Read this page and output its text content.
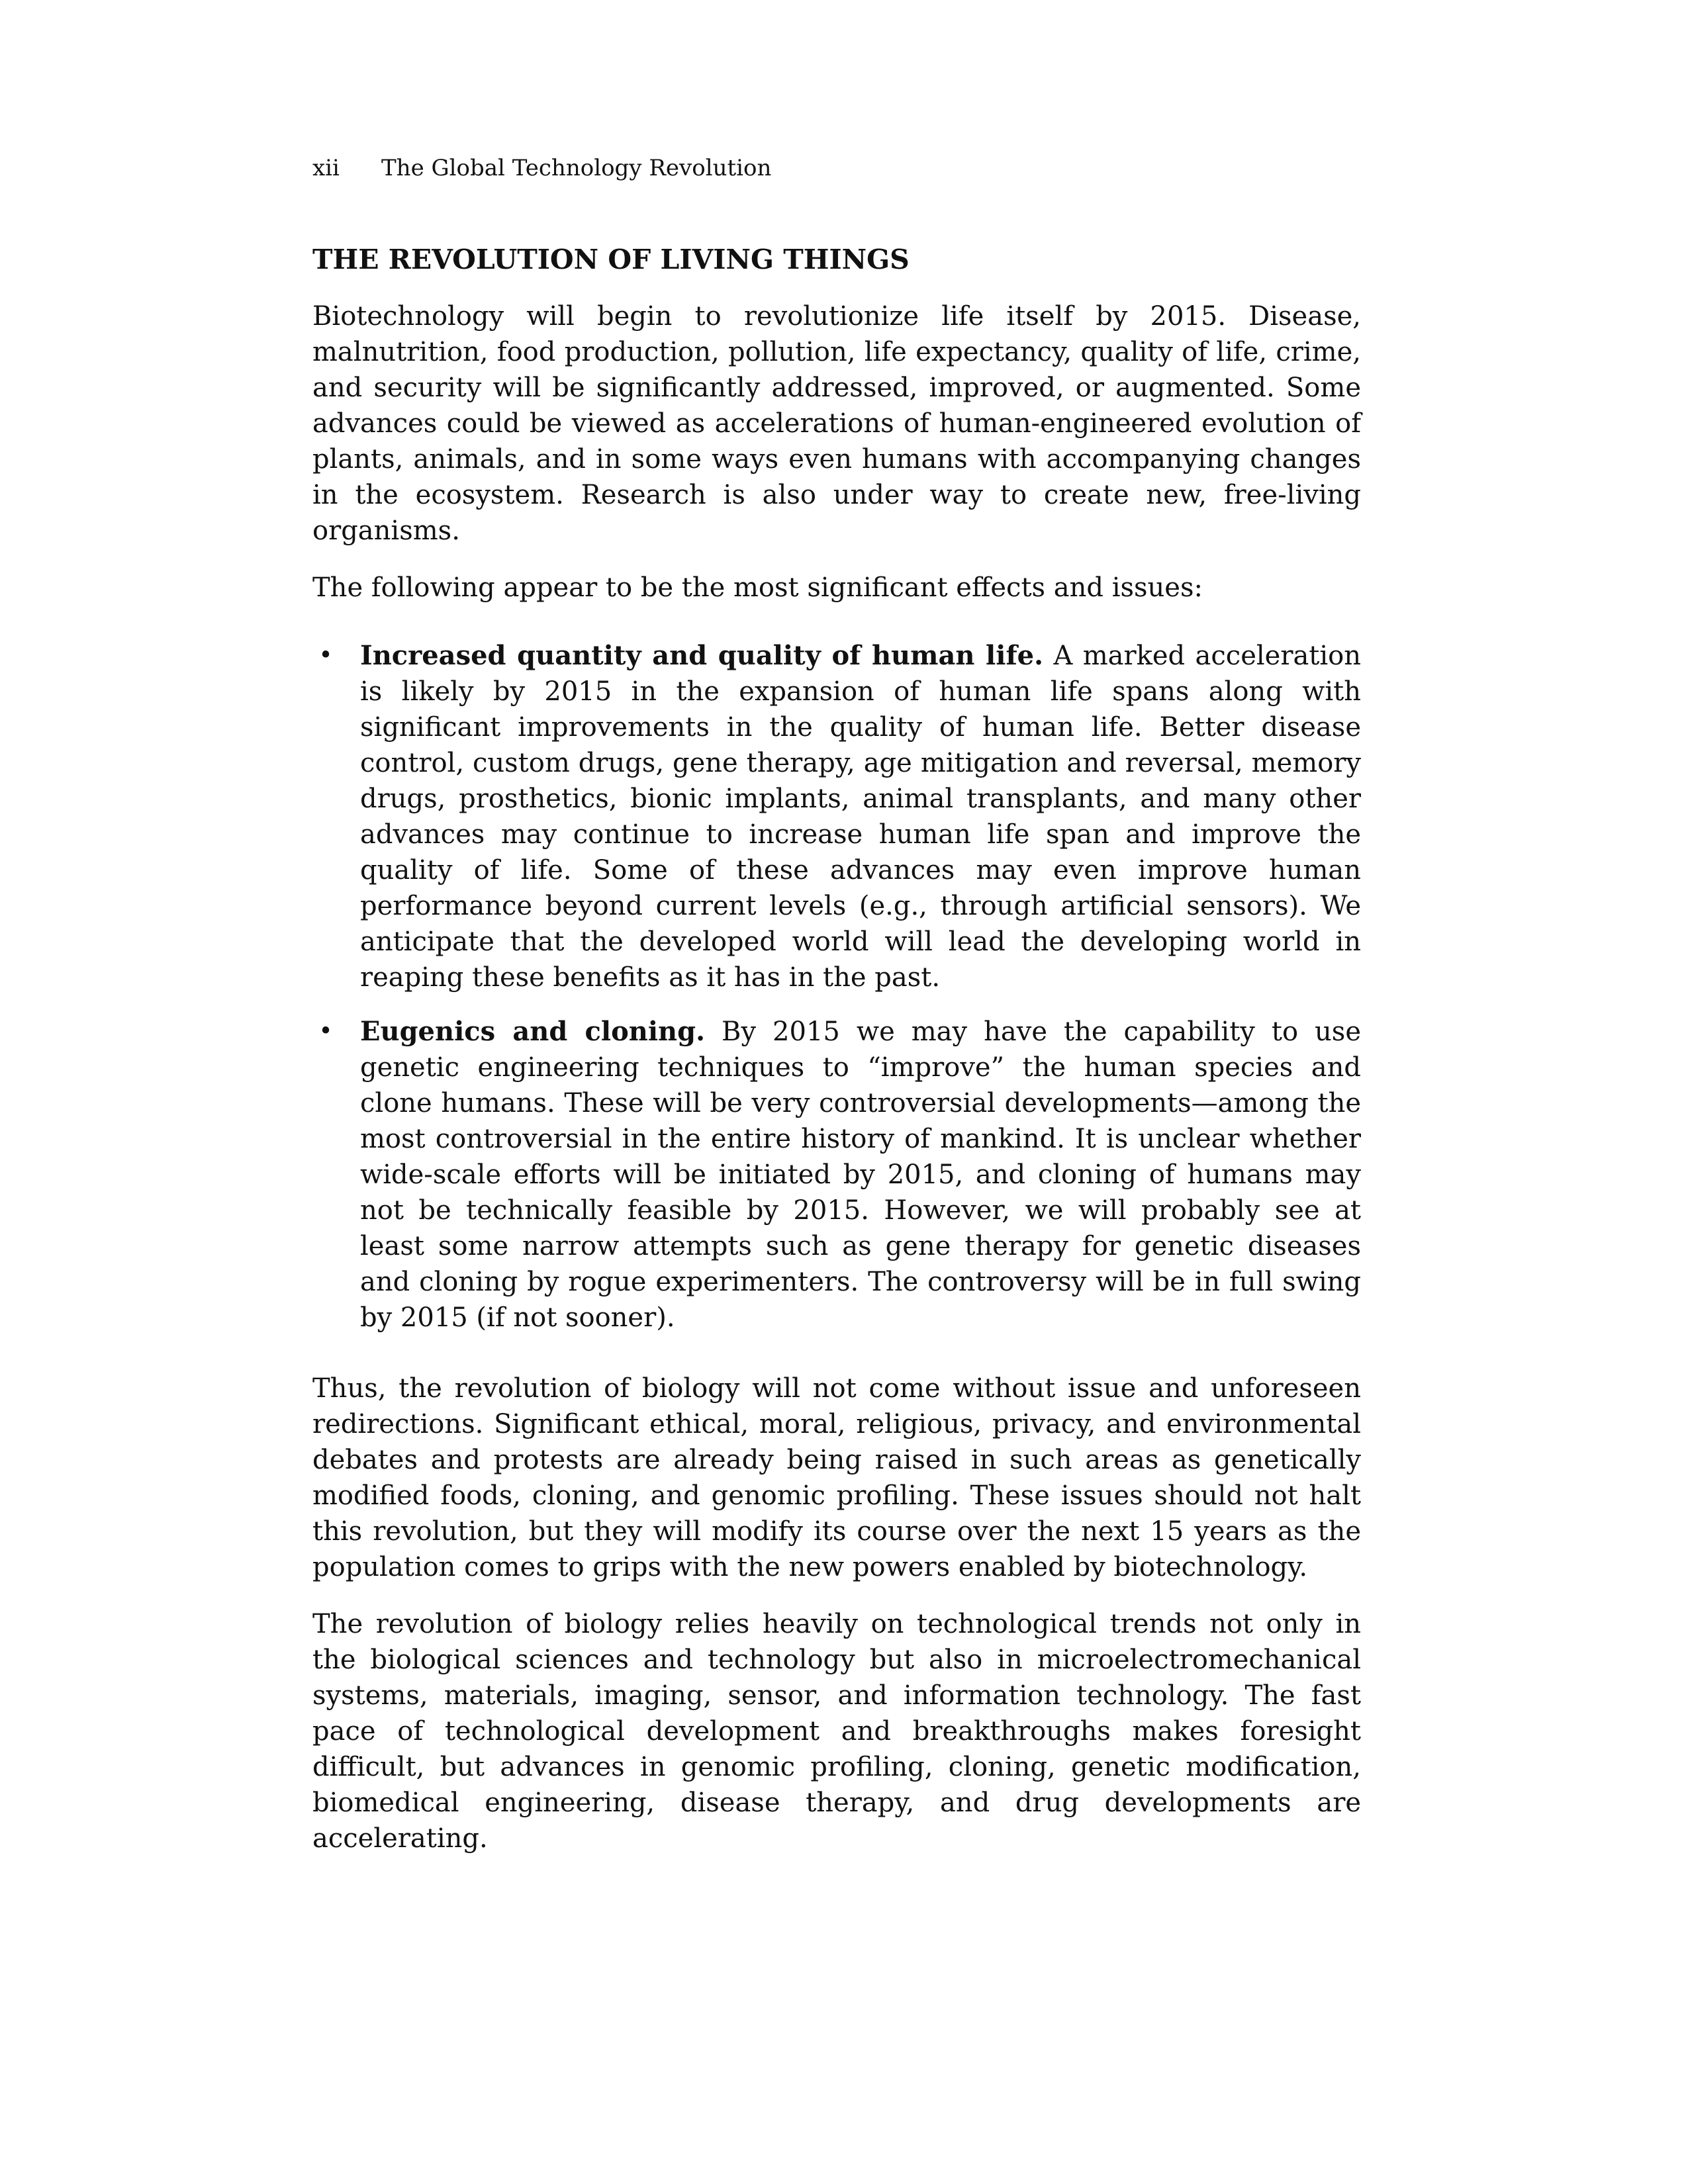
xii The Global Technology Revolution
THE REVOLUTION OF LIVING THINGS

Biotechnology will begin to revolutionize life itself by 2015. Disease, malnutrition, food production, pollution, life expectancy, quality of life, crime, and security will be significantly addressed, improved, or augmented. Some advances could be viewed as accelerations of human-engineered evolution of plants, animals, and in some ways even humans with accompanying changes in the ecosystem. Research is also under way to create new, free-living organisms.

The following appear to be the most significant effects and issues:

• Increased quantity and quality of human life. A marked acceleration is likely by 2015 in the expansion of human life spans along with significant improvements in the quality of human life. Better disease control, custom drugs, gene therapy, age mitigation and reversal, memory drugs, prosthetics, bionic implants, animal transplants, and many other advances may continue to increase human life span and improve the quality of life. Some of these advances may even improve human performance beyond current levels (e.g., through artificial sensors). We anticipate that the developed world will lead the developing world in reaping these benefits as it has in the past.
• Eugenics and cloning. By 2015 we may have the capability to use genetic engineering techniques to “improve” the human species and clone humans. These will be very controversial developments—among the most controversial in the entire history of mankind. It is unclear whether wide-scale efforts will be initiated by 2015, and cloning of humans may not be technically feasible by 2015. However, we will probably see at least some narrow attempts such as gene therapy for genetic diseases and cloning by rogue experimenters. The controversy will be in full swing by 2015 (if not sooner).

Thus, the revolution of biology will not come without issue and unforeseen redirections. Significant ethical, moral, religious, privacy, and environmental debates and protests are already being raised in such areas as genetically modified foods, cloning, and genomic profiling. These issues should not halt this revolution, but they will modify its course over the next 15 years as the population comes to grips with the new powers enabled by biotechnology.

The revolution of biology relies heavily on technological trends not only in the biological sciences and technology but also in microelectromechanical systems, materials, imaging, sensor, and information technology. The fast pace of technological development and breakthroughs makes foresight difficult, but advances in genomic profiling, cloning, genetic modification, biomedical engineering, disease therapy, and drug developments are accelerating.
